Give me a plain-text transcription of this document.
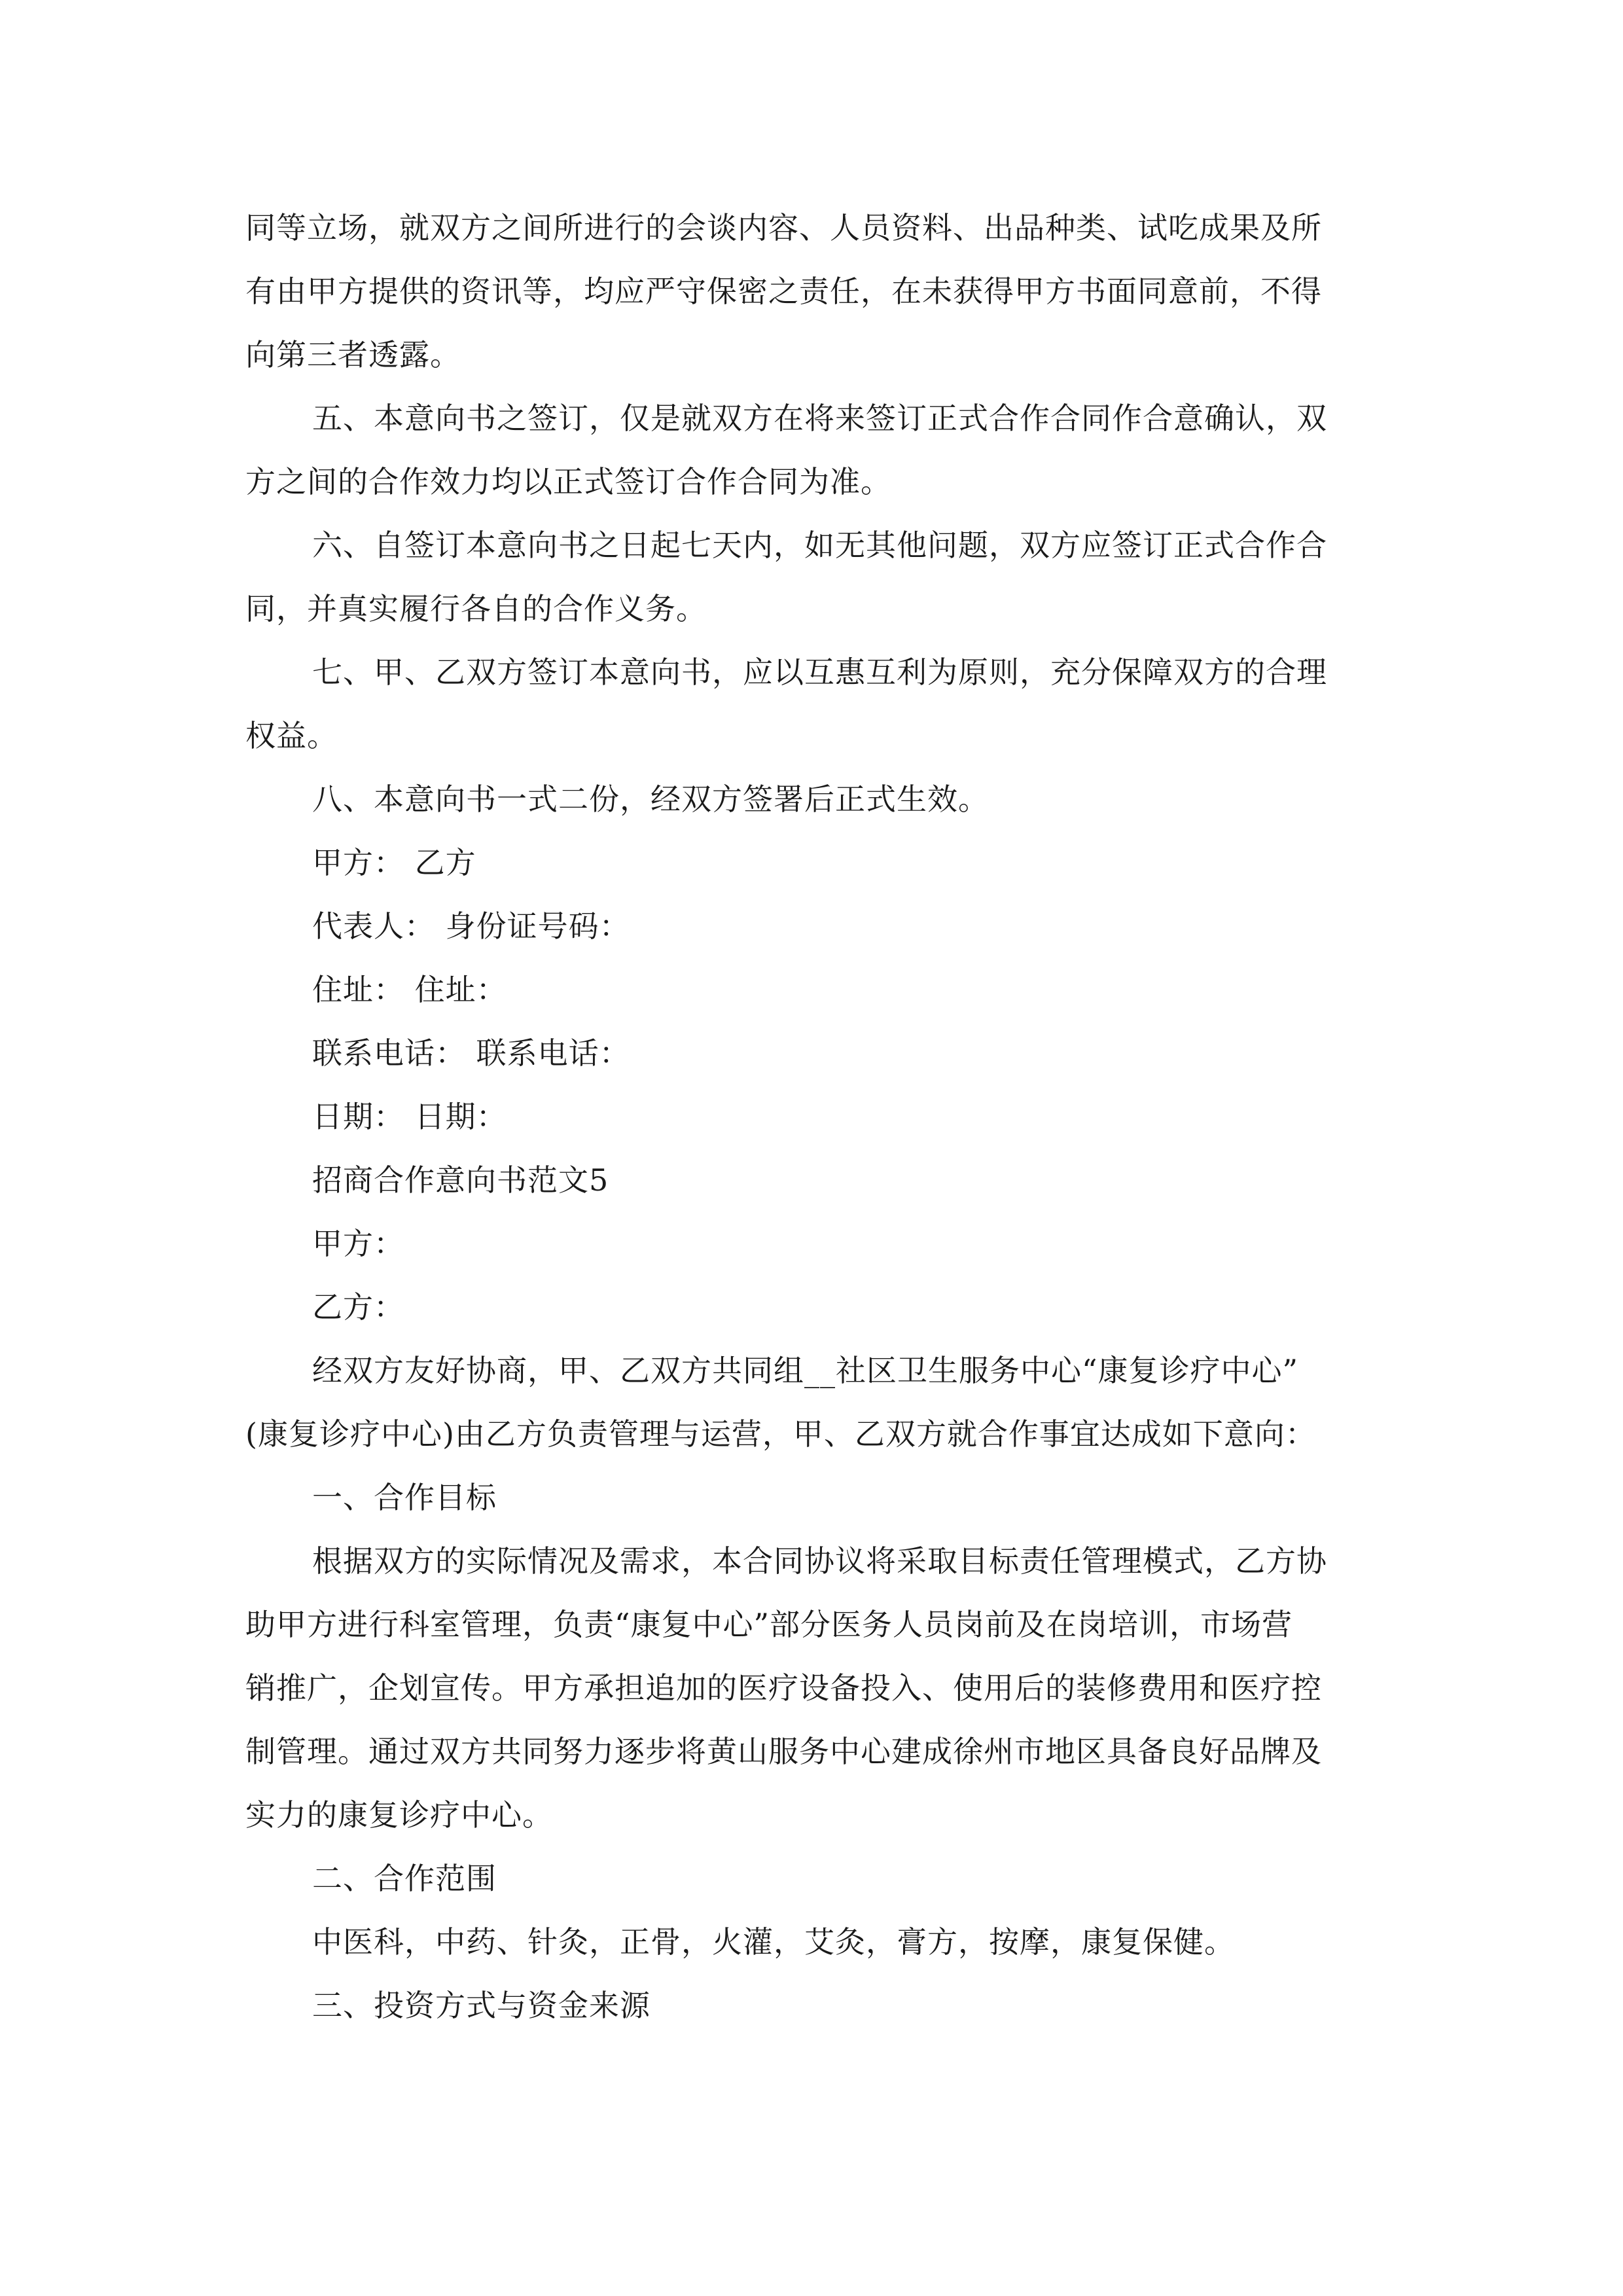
同等立场，就双方之间所进行的会谈内容、人员资料、出品种类、试吃成果及所

有由甲方提供的资讯等，均应严守保密之责任，在未获得甲方书面同意前，不得

向第三者透露。

五、本意向书之签订，仅是就双方在将来签订正式合作合同作合意确认，双

方之间的合作效力均以正式签订合作合同为准。

六、自签订本意向书之日起七天内，如无其他问题，双方应签订正式合作合

同，并真实履行各自的合作义务。

七、甲、乙双方签订本意向书，应以互惠互利为原则，充分保障双方的合理

权益。

八、本意向书一式二份，经双方签署后正式生效。

甲方： 乙方

代表人： 身份证号码：

住址： 住址：

联系电话： 联系电话：

日期： 日期：

招商合作意向书范文5

甲方：

乙方：

经双方友好协商，甲、乙双方共同组__社区卫生服务中心“康复诊疗中心”

(康复诊疗中心)由乙方负责管理与运营，甲、乙双方就合作事宜达成如下意向：

一、合作目标

根据双方的实际情况及需求，本合同协议将采取目标责任管理模式，乙方协

助甲方进行科室管理，负责“康复中心”部分医务人员岗前及在岗培训，市场营

销推广，企划宣传。甲方承担追加的医疗设备投入、使用后的装修费用和医疗控

制管理。通过双方共同努力逐步将黄山服务中心建成徐州市地区具备良好品牌及

实力的康复诊疗中心。

二、合作范围

中医科，中药、针灸，正骨，火灌，艾灸，膏方，按摩，康复保健。

三、投资方式与资金来源
